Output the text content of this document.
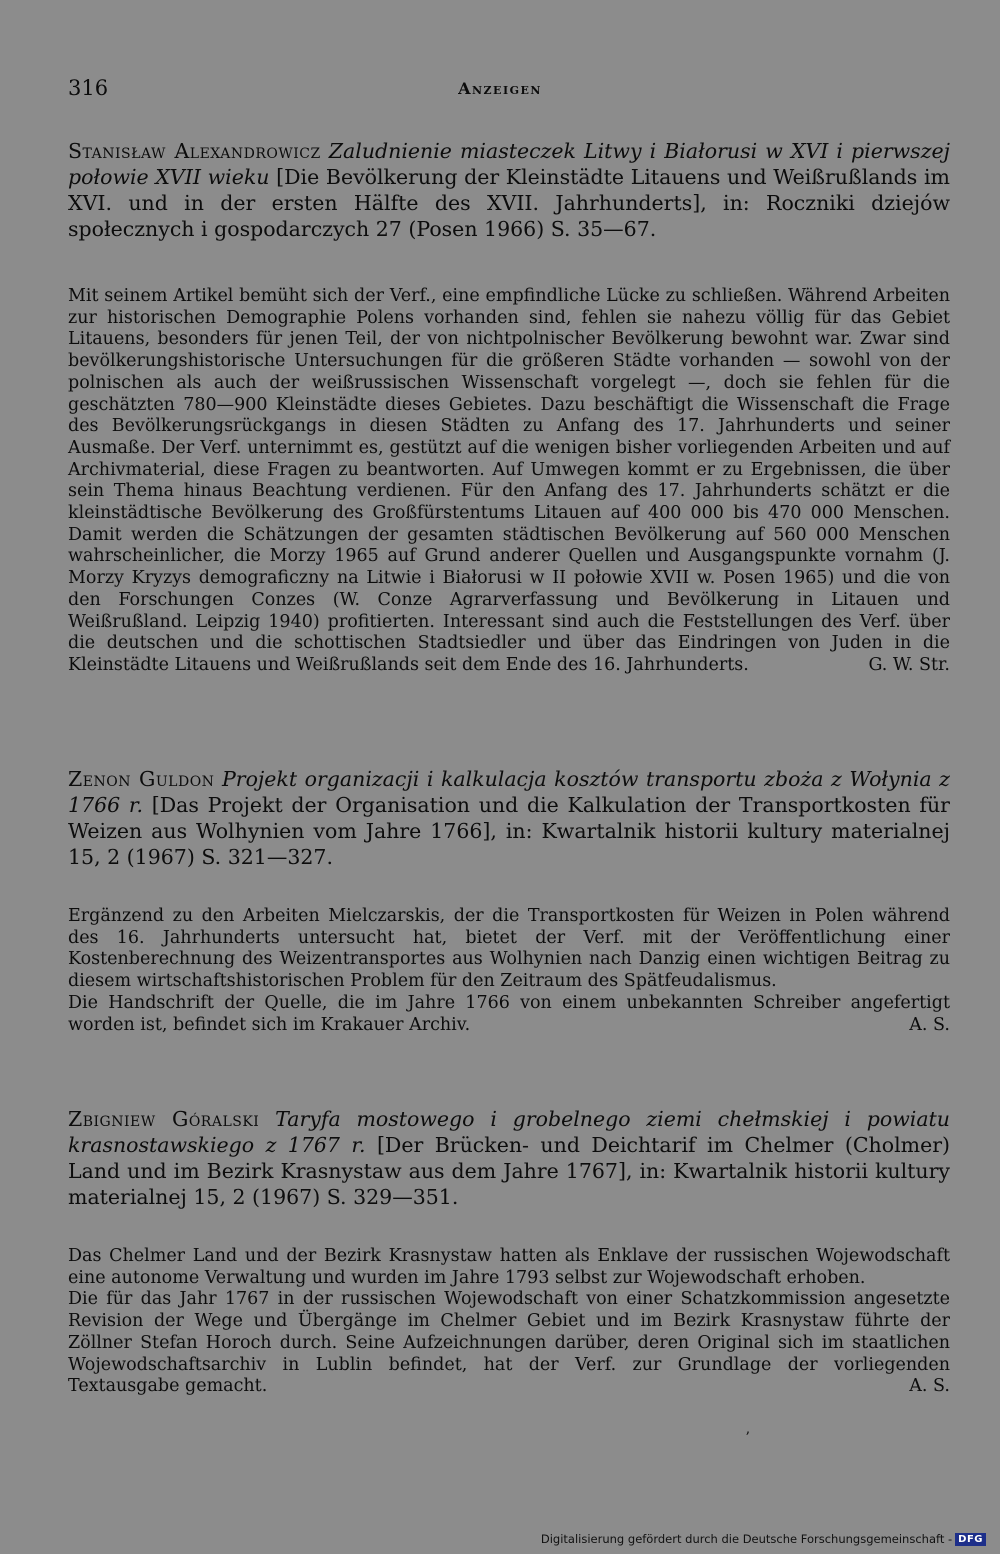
316	Anzeigen
Stanisław Alexandrowicz Zaludnienie miasteczek Litwy i Białorusi w XVI i pierwszej połowie XVII wieku [Die Bevölkerung der Kleinstädte Litauens und Weißrußlands im XVI. und in der ersten Hälfte des XVII. Jahrhunderts], in: Roczniki dziejów społecznych i gospodarczych 27 (Posen 1966) S. 35—67.

Mit seinem Artikel bemüht sich der Verf., eine empfindliche Lücke zu schließen. Während Arbeiten zur historischen Demographie Polens vorhanden sind, fehlen sie nahezu völlig für das Gebiet Litauens, besonders für jenen Teil, der von nichtpolnischer Bevölkerung bewohnt war. Zwar sind bevölkerungshistorische Untersuchungen für die größeren Städte vorhanden — sowohl von der polnischen als auch der weißrussischen Wissenschaft vorgelegt —, doch sie fehlen für die geschätzten 780—900 Kleinstädte dieses Gebietes. Dazu beschäftigt die Wissenschaft die Frage des Bevölkerungsrückgangs in diesen Städten zu Anfang des 17. Jahrhunderts und seiner Ausmaße. Der Verf. unternimmt es, gestützt auf die wenigen bisher vorliegenden Arbeiten und auf Archivmaterial, diese Fragen zu beantworten. Auf Umwegen kommt er zu Ergebnissen, die über sein Thema hinaus Beachtung verdienen. Für den Anfang des 17. Jahrhunderts schätzt er die kleinstädtische Bevölkerung des Großfürstentums Litauen auf 400 000 bis 470 000 Menschen. Damit werden die Schätzungen der gesamten städtischen Bevölkerung auf 560 000 Menschen wahrscheinlicher, die Morzy 1965 auf Grund anderer Quellen und Ausgangspunkte vornahm (J. Morzy Kryzys demograficzny na Litwie i Białorusi w II połowie XVII w. Posen 1965) und die von den Forschungen Conzes (W. Conze Agrarverfassung und Bevölkerung in Litauen und Weißrußland. Leipzig 1940) profitierten. Interessant sind auch die Feststellungen des Verf. über die deutschen und die schottischen Stadtsiedler und über das Eindringen von Juden in die Kleinstädte Litauens und Weißrußlands seit dem Ende des 16. Jahrhunderts.	G. W. Str.

Zenon Guldon Projekt organizacji i kalkulacja kosztów transportu zboża z Wołynia z 1766 r. [Das Projekt der Organisation und die Kalkulation der Transportkosten für Weizen aus Wolhynien vom Jahre 1766], in: Kwartalnik historii kultury materialnej 15, 2 (1967) S. 321—327.

Ergänzend zu den Arbeiten Mielczarskis, der die Transportkosten für Weizen in Polen während des 16. Jahrhunderts untersucht hat, bietet der Verf. mit der Veröffentlichung einer Kostenberechnung des Weizentransportes aus Wolhynien nach Danzig einen wichtigen Beitrag zu diesem wirtschaftshistorischen Problem für den Zeitraum des Spätfeudalismus.

Die Handschrift der Quelle, die im Jahre 1766 von einem unbekannten Schreiber angefertigt worden ist, befindet sich im Krakauer Archiv.	A. S.

Zbigniew Góralski Taryfa mostowego i grobelnego ziemi chełmskiej i powiatu krasnostawskiego z 1767 r. [Der Brücken- und Deichtarif im Chelmer (Cholmer) Land und im Bezirk Krasnystaw aus dem Jahre 1767], in: Kwartalnik historii kultury materialnej 15, 2 (1967) S. 329—351.

Das Chelmer Land und der Bezirk Krasnystaw hatten als Enklave der russischen Wojewodschaft eine autonome Verwaltung und wurden im Jahre 1793 selbst zur Wojewodschaft erhoben.

Die für das Jahr 1767 in der russischen Wojewodschaft von einer Schatzkommission angesetzte Revision der Wege und Übergänge im Chelmer Gebiet und im Bezirk Krasnystaw führte der Zöllner Stefan Horoch durch. Seine Aufzeichnungen darüber, deren Original sich im staatlichen Wojewodschaftsarchiv in Lublin befindet, hat der Verf. zur Grundlage der vorliegenden Textausgabe gemacht.	A. S.

ʼ
Digitalisierung gefördert durch die Deutsche Forschungsgemeinschaft - DFG
